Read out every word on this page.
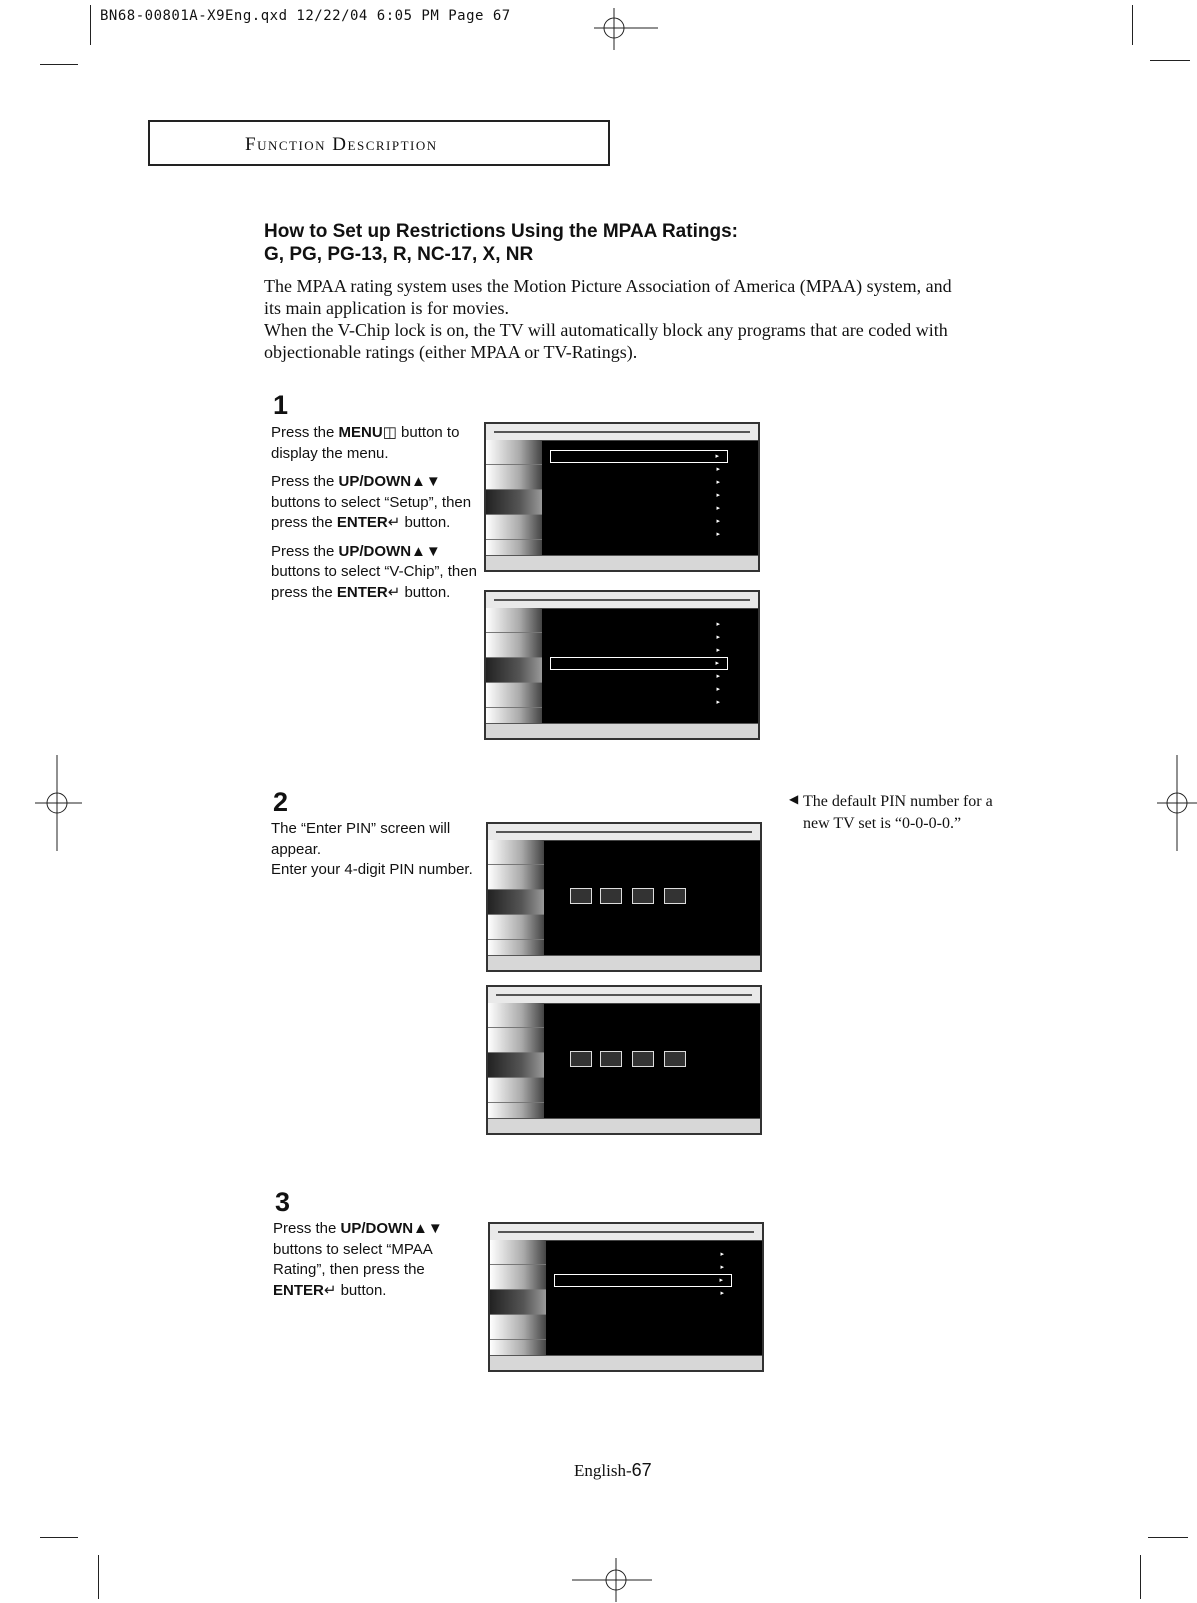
BN68-00801A-X9Eng.qxd 12/22/04 6:05 PM Page 67
Function Description
How to Set up Restrictions Using the MPAA Ratings:
G, PG, PG-13, R, NC-17, X, NR

The MPAA rating system uses the Motion Picture Association of America (MPAA) system, and its main application is for movies.

When the V-Chip lock is on, the TV will automatically block any programs that are coded with objectionable ratings (either MPAA or TV-Ratings).

1

Press the MENU◫ button to display the menu.

Press the UP/DOWN▲▼ buttons to select “Setup”, then press the ENTER↵ button.

Press the UP/DOWN▲▼ buttons to select “V-Chip”, then press the ENTER↵ button.

▸
▸
▸
▸
▸
▸
▸
▸
▸
▸
▸
▸
▸
▸
2
The “Enter PIN” screen will appear.
Enter your 4-digit PIN number.
◀ The default PIN number for a new TV set is “0-0-0-0.”
3

Press the UP/DOWN▲▼ buttons to select “MPAA Rating”, then press the ENTER↵ button.

▸
▸
▸
▸
English-67
